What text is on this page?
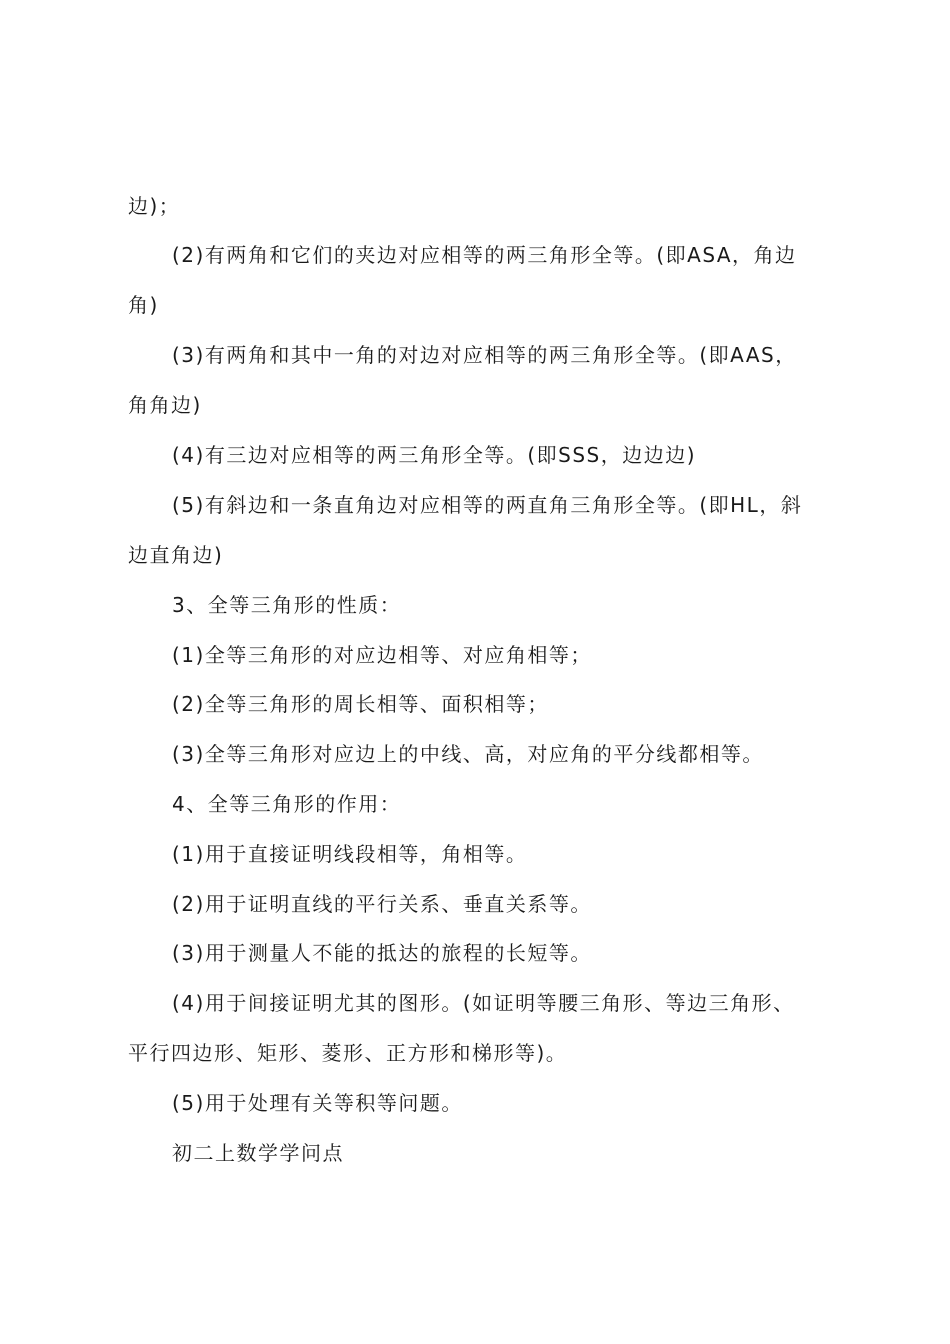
边)；
(2)有两角和它们的夹边对应相等的两三角形全等。(即ASA，角边
角)
(3)有两角和其中一角的对边对应相等的两三角形全等。(即AAS，
角角边)
(4)有三边对应相等的两三角形全等。(即SSS，边边边)
(5)有斜边和一条直角边对应相等的两直角三角形全等。(即HL，斜
边直角边)
3、全等三角形的性质：
(1)全等三角形的对应边相等、对应角相等；
(2)全等三角形的周长相等、面积相等；
(3)全等三角形对应边上的中线、高，对应角的平分线都相等。
4、全等三角形的作用：
(1)用于直接证明线段相等，角相等。
(2)用于证明直线的平行关系、垂直关系等。
(3)用于测量人不能的抵达的旅程的长短等。
(4)用于间接证明尤其的图形。(如证明等腰三角形、等边三角形、
平行四边形、矩形、菱形、正方形和梯形等)。
(5)用于处理有关等积等问题。
初二上数学学问点
